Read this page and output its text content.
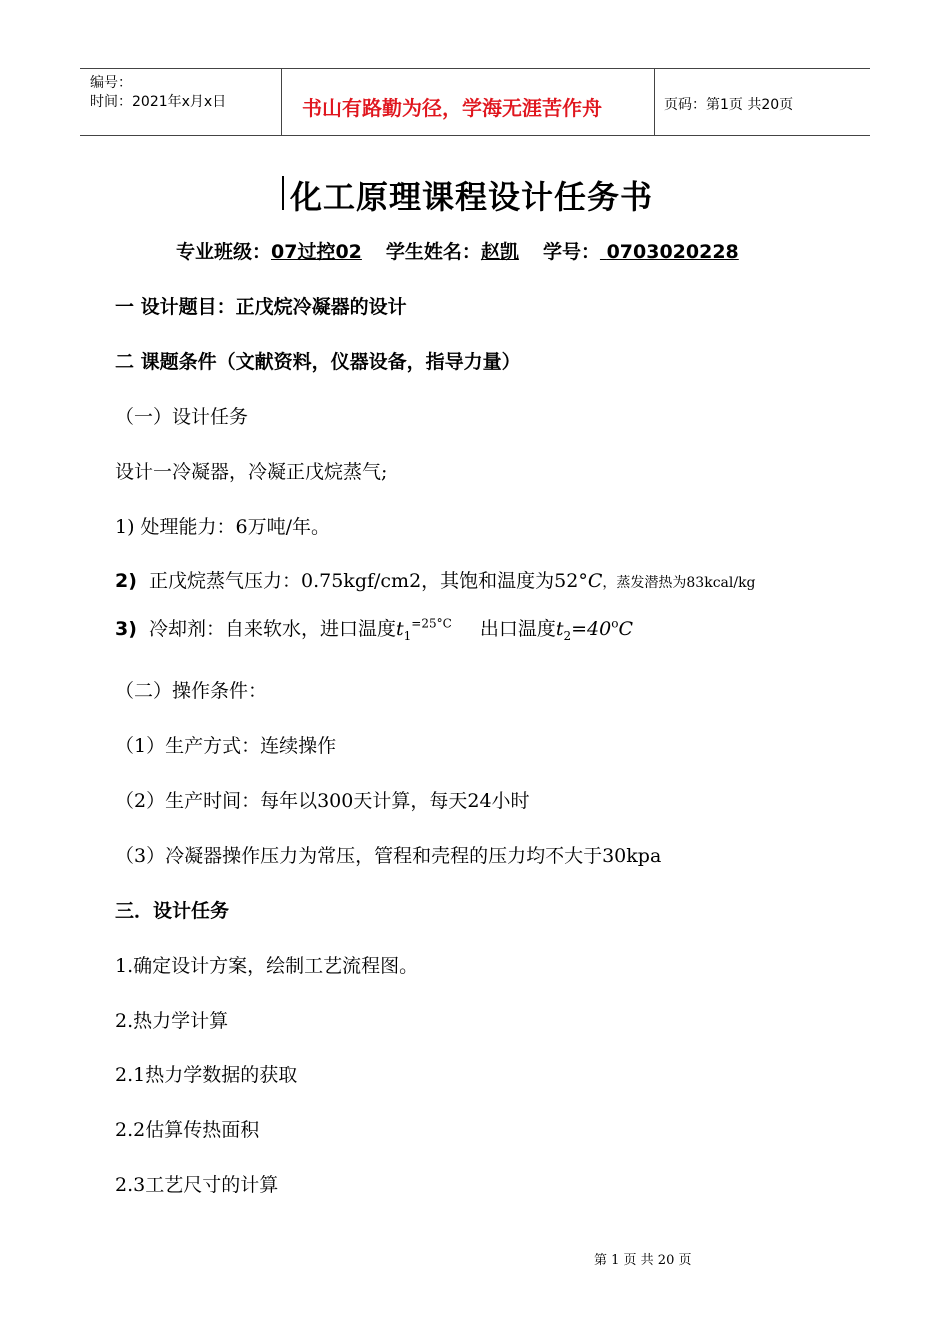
编号：
时间：2021年x月x日	书山有路勤为径，学海无涯苦作舟	页码：第1页 共20页
化工原理课程设计任务书
专业班级：07过控02 学生姓名：赵凯 学号： 0703020228
一 设计题目：正戊烷冷凝器的设计
二 课题条件（文献资料，仪器设备，指导力量）
（一）设计任务
设计一冷凝器，冷凝正戊烷蒸气;
1) 处理能力：6万吨/年。
2) 正戊烷蒸气压力：0.75kgf/cm2，其饱和温度为52°C，蒸发潜热为83kcal/kg
3) 冷却剂：自来软水，进口温度$t_1^{=25^\circ C}$ 出口温度$t_2=40^oC$
（二）操作条件：
（1）生产方式：连续操作
（2）生产时间：每年以300天计算，每天24小时
（3）冷凝器操作压力为常压，管程和壳程的压力均不大于30kpa
三．设计任务
1.确定设计方案，绘制工艺流程图。
2.热力学计算
2.1热力学数据的获取
2.2估算传热面积
2.3工艺尺寸的计算
第 1 页 共 20 页
